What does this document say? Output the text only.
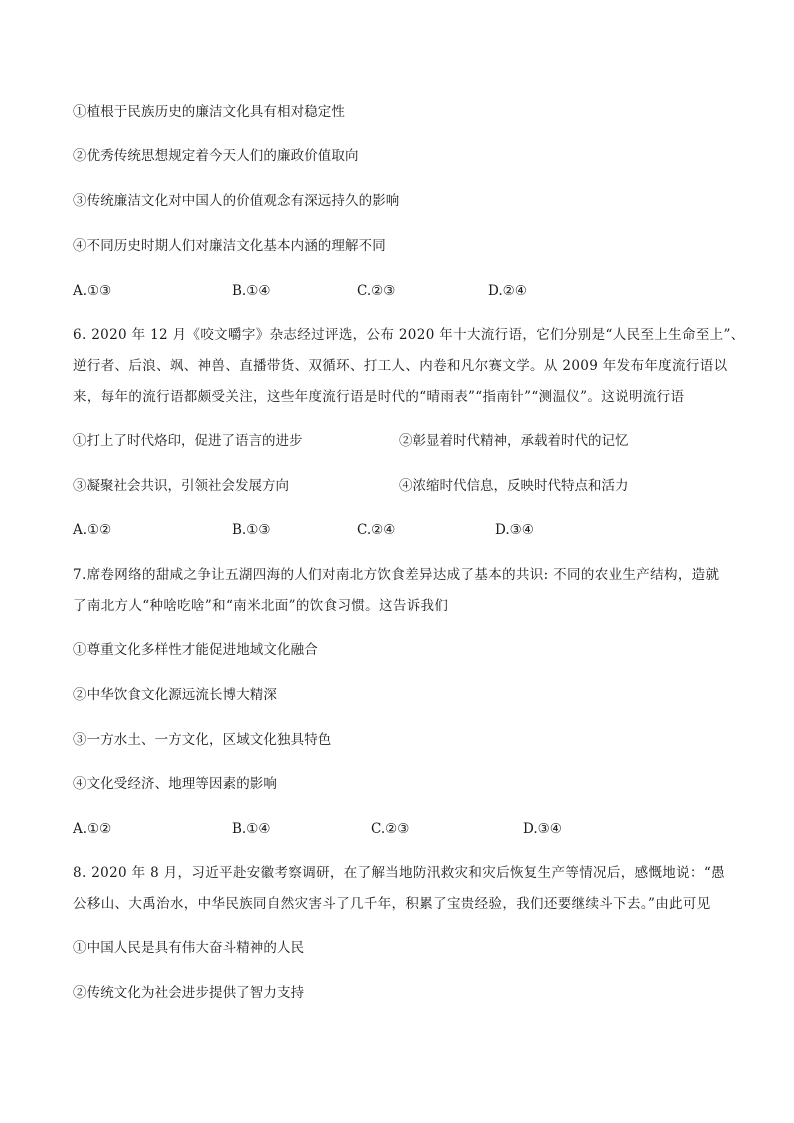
①植根于民族历史的廉洁文化具有相对稳定性
②优秀传统思想规定着今天人们的廉政价值取向
③传统廉洁文化对中国人的价值观念有深远持久的影响
④不同历史时期人们对廉洁文化基本内涵的理解不同
A.①③	B.①④	C.②③	D.②④
6. 2020 年 12 月《咬文嚼字》杂志经过评选，公布 2020 年十大流行语，它们分别是“人民至上生命至上”、
逆行者、后浪、飒、神兽、直播带货、双循环、打工人、内卷和凡尔赛文学。从 2009 年发布年度流行语以
来，每年的流行语都颇受关注，这些年度流行语是时代的“晴雨表”“指南针”“测温仪”。这说明流行语
①打上了时代烙印，促进了语言的进步	②彰显着时代精神，承载着时代的记忆
③凝聚社会共识，引领社会发展方向	④浓缩时代信息，反映时代特点和活力
A.①②	B.①③	C.②④	D.③④
7.席卷网络的甜咸之争让五湖四海的人们对南北方饮食差异达成了基本的共识: 不同的农业生产结构，造就
了南北方人“种啥吃啥”和“南米北面”的饮食习惯。这告诉我们
①尊重文化多样性才能促进地域文化融合
②中华饮食文化源远流长博大精深
③一方水土、一方文化，区域文化独具特色
④文化受经济、地理等因素的影响
A.①②	B.①④	C.②③	D.③④
8. 2020 年 8 月，习近平赴安徽考察调研，在了解当地防汛救灾和灾后恢复生产等情况后，感慨地说：“愚
公移山、大禹治水，中华民族同自然灾害斗了几千年，积累了宝贵经验，我们还要继续斗下去。”由此可见
①中国人民是具有伟大奋斗精神的人民
②传统文化为社会进步提供了智力支持
